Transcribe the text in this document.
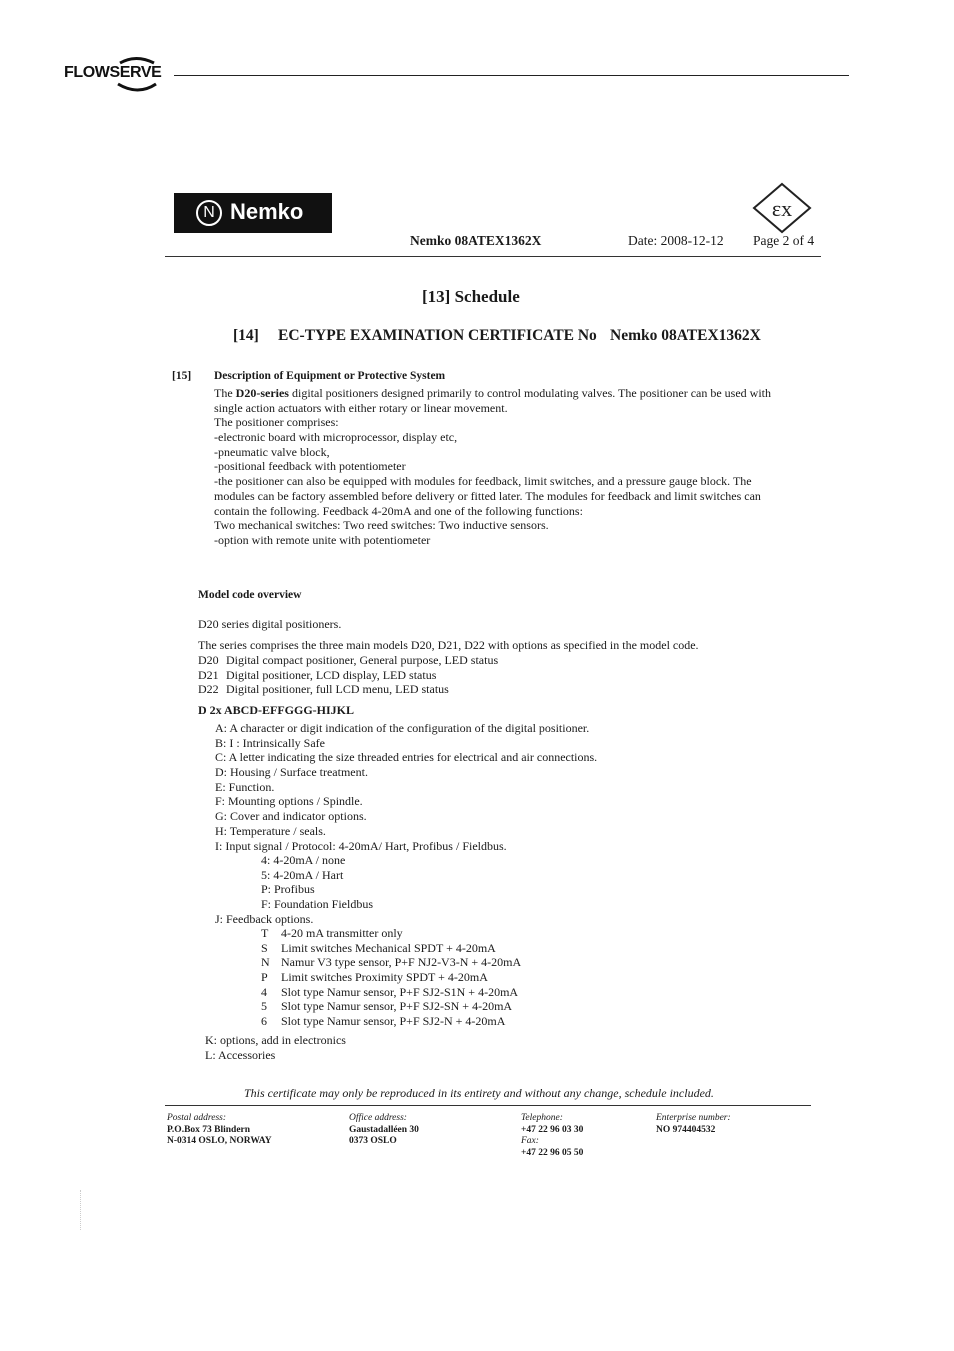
FLOWSERVE
N Nemko	εx
Nemko 08ATEX1362X	Date: 2008-12-12 Page 2 of 4
[13] Schedule
[14] EC-TYPE EXAMINATION CERTIFICATE No Nemko 08ATEX1362X
[15] Description of Equipment or Protective System
The D20-series digital positioners designed primarily to control modulating valves. The positioner can be used with
single action actuators with either rotary or linear movement.
The positioner comprises:
-electronic board with microprocessor, display etc,
-pneumatic valve block,
-positional feedback with potentiometer
-the positioner can also be equipped with modules for feedback, limit switches, and a pressure gauge block. The
modules can be factory assembled before delivery or fitted later. The modules for feedback and limit switches can
contain the following. Feedback 4-20mA and one of the following functions:
Two mechanical switches: Two reed switches: Two inductive sensors.
-option with remote unite with potentiometer
Model code overview
D20 series digital positioners.
The series comprises the three main models D20, D21, D22 with options as specified in the model code.
D20 Digital compact positioner, General purpose, LED status
D21 Digital positioner, LCD display, LED status
D22 Digital positioner, full LCD menu, LED status
D 2x ABCD-EFFGGG-HIJKL
A: A character or digit indication of the configuration of the digital positioner.
B: I : Intrinsically Safe
C: A letter indicating the size threaded entries for electrical and air connections.
D: Housing / Surface treatment.
E: Function.
F: Mounting options / Spindle.
G: Cover and indicator options.
H: Temperature / seals.
I: Input signal / Protocol: 4-20mA/ Hart, Profibus / Fieldbus.
4: 4-20mA / none
5: 4-20mA / Hart
P: Profibus
F: Foundation Fieldbus
J: Feedback options.
T 4-20 mA transmitter only
S Limit switches Mechanical SPDT + 4-20mA
N Namur V3 type sensor, P+F NJ2-V3-N + 4-20mA
P Limit switches Proximity SPDT + 4-20mA
4 Slot type Namur sensor, P+F SJ2-S1N + 4-20mA
5 Slot type Namur sensor, P+F SJ2-SN + 4-20mA
6 Slot type Namur sensor, P+F SJ2-N + 4-20mA
K: options, add in electronics
L: Accessories
This certificate may only be reproduced in its entirety and without any change, schedule included.
Postal address:
P.O.Box 73 Blindern
N-0314 OSLO, NORWAY
Office address:
Gaustadalléen 30
0373 OSLO
Telephone:
+47 22 96 03 30
Fax:
+47 22 96 05 50
Enterprise number:
NO 974404532
